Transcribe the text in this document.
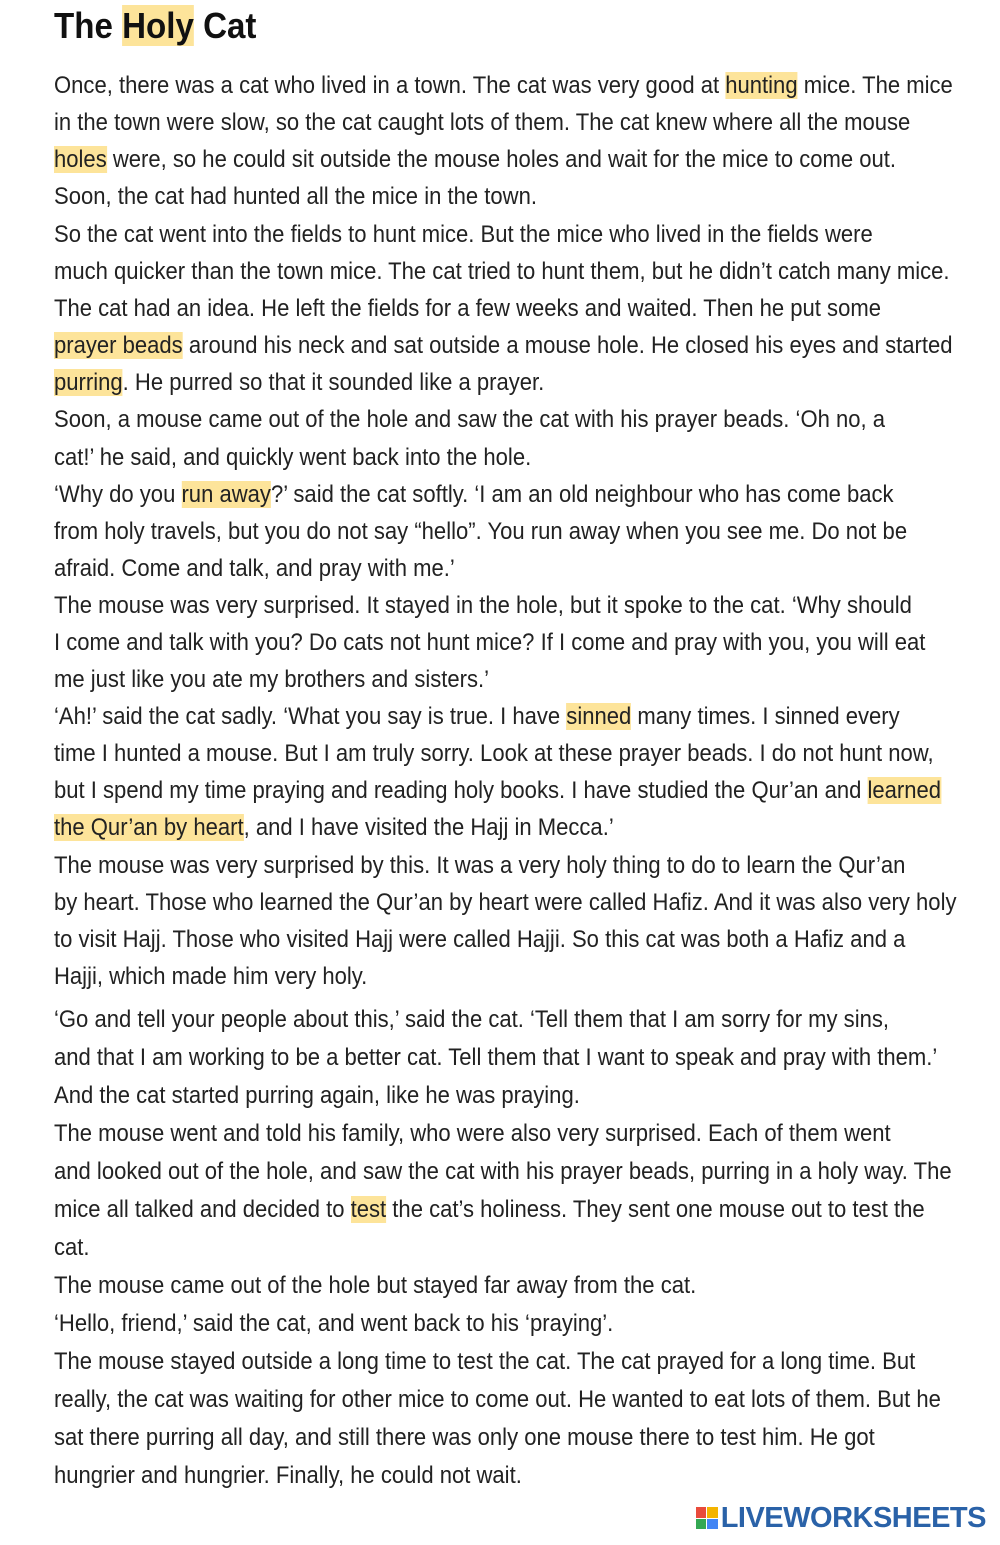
The Holy Cat
Once, there was a cat who lived in a town. The cat was very good at hunting mice. The mice
in the town were slow, so the cat caught lots of them. The cat knew where all the mouse
holes were, so he could sit outside the mouse holes and wait for the mice to come out.
Soon, the cat had hunted all the mice in the town.
So the cat went into the fields to hunt mice. But the mice who lived in the fields were
much quicker than the town mice. The cat tried to hunt them, but he didn’t catch many mice.
The cat had an idea. He left the fields for a few weeks and waited. Then he put some
prayer beads around his neck and sat outside a mouse hole. He closed his eyes and started
purring. He purred so that it sounded like a prayer.
Soon, a mouse came out of the hole and saw the cat with his prayer beads. ‘Oh no, a
cat!’ he said, and quickly went back into the hole.
‘Why do you run away?’ said the cat softly. ‘I am an old neighbour who has come back
from holy travels, but you do not say “hello”. You run away when you see me. Do not be
afraid. Come and talk, and pray with me.’
The mouse was very surprised. It stayed in the hole, but it spoke to the cat. ‘Why should
I come and talk with you? Do cats not hunt mice? If I come and pray with you, you will eat
me just like you ate my brothers and sisters.’
‘Ah!’ said the cat sadly. ‘What you say is true. I have sinned many times. I sinned every
time I hunted a mouse. But I am truly sorry. Look at these prayer beads. I do not hunt now,
but I spend my time praying and reading holy books. I have studied the Qur’an and learned
the Qur’an by heart, and I have visited the Hajj in Mecca.’
The mouse was very surprised by this. It was a very holy thing to do to learn the Qur’an
by heart. Those who learned the Qur’an by heart were called Hafiz. And it was also very holy
to visit Hajj. Those who visited Hajj were called Hajji. So this cat was both a Hafiz and a
Hajji, which made him very holy.
‘Go and tell your people about this,’ said the cat. ‘Tell them that I am sorry for my sins,
and that I am working to be a better cat. Tell them that I want to speak and pray with them.’
And the cat started purring again, like he was praying.
The mouse went and told his family, who were also very surprised. Each of them went
and looked out of the hole, and saw the cat with his prayer beads, purring in a holy way. The
mice all talked and decided to test the cat’s holiness. They sent one mouse out to test the
cat.
The mouse came out of the hole but stayed far away from the cat.
‘Hello, friend,’ said the cat, and went back to his ‘praying’.
The mouse stayed outside a long time to test the cat. The cat prayed for a long time. But
really, the cat was waiting for other mice to come out. He wanted to eat lots of them. But he
sat there purring all day, and still there was only one mouse there to test him. He got
hungrier and hungrier. Finally, he could not wait.
LIVEWORKSHEETS
